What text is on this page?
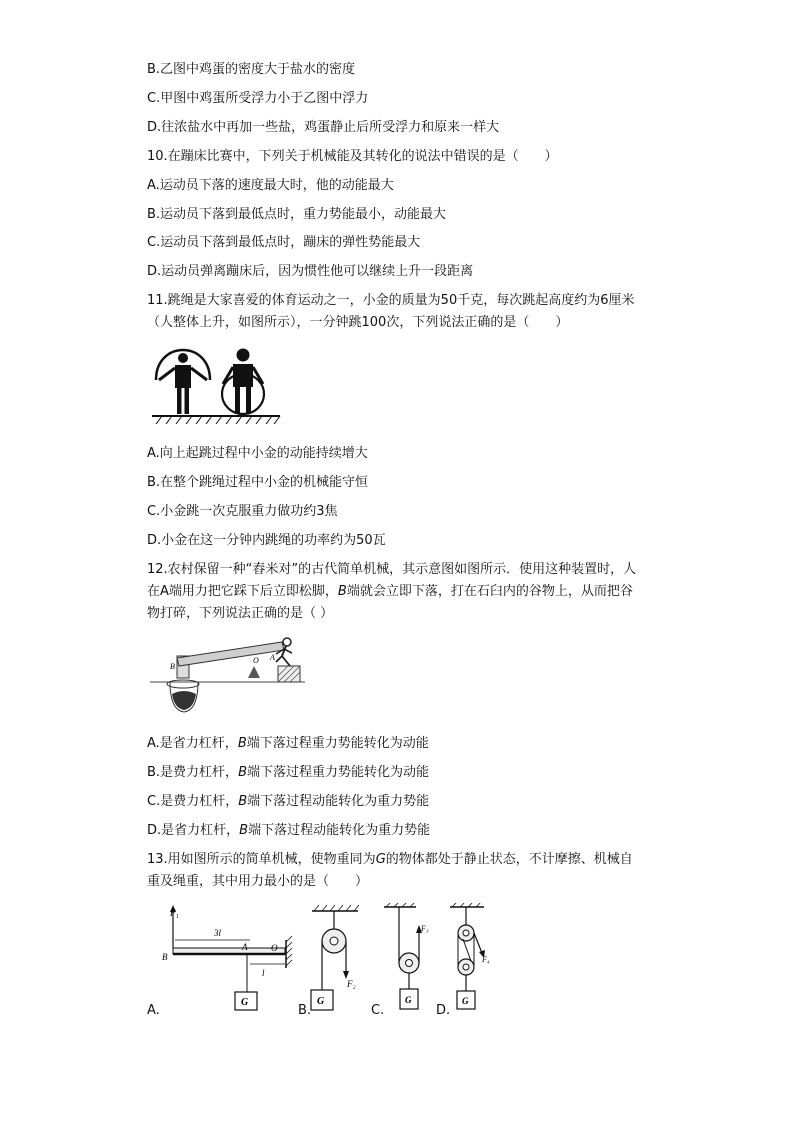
B.乙图中鸡蛋的密度大于盐水的密度
C.甲图中鸡蛋所受浮力小于乙图中浮力
D.往浓盐水中再加一些盐，鸡蛋静止后所受浮力和原来一样大
10.在蹦床比赛中，下列关于机械能及其转化的说法中错误的是（　　）
A.运动员下落的速度最大时，他的动能最大
B.运动员下落到最低点时，重力势能最小，动能最大
C.运动员下落到最低点时，蹦床的弹性势能最大
D.运动员弹离蹦床后，因为惯性他可以继续上升一段距离
11.跳绳是大家喜爱的体育运动之一，小金的质量为50千克，每次跳起高度约为6厘米
（人整体上升，如图所示），一分钟跳100次，下列说法正确的是（　　）
A.向上起跳过程中小金的动能持续增大
B.在整个跳绳过程中小金的机械能守恒
C.小金跳一次克服重力做功约3焦
D.小金在这一分钟内跳绳的功率约为50瓦
12.农村保留一种“舂米对”的古代简单机械，其示意图如图所示．使用这种装置时，人
在A端用力把它踩下后立即松脚，B端就会立即下落，打在石臼内的谷物上，从而把谷
物打碎，下列说法正确的是（ ）
B
O A
A.是省力杠杆，B端下落过程重力势能转化为动能
B.是费力杠杆，B端下落过程重力势能转化为动能
C.是费力杠杆，B端下落过程动能转化为重力势能
D.是省力杠杆，B端下落过程动能转化为重力势能
13.用如图所示的简单机械，使物重同为G的物体都处于静止状态，不计摩擦、机械自
重及绳重，其中用力最小的是（　　）
A.
F₁
3l
B
A	O
l
G
B.
F₂
G
C.
F₃
G
D.
F₄
G
